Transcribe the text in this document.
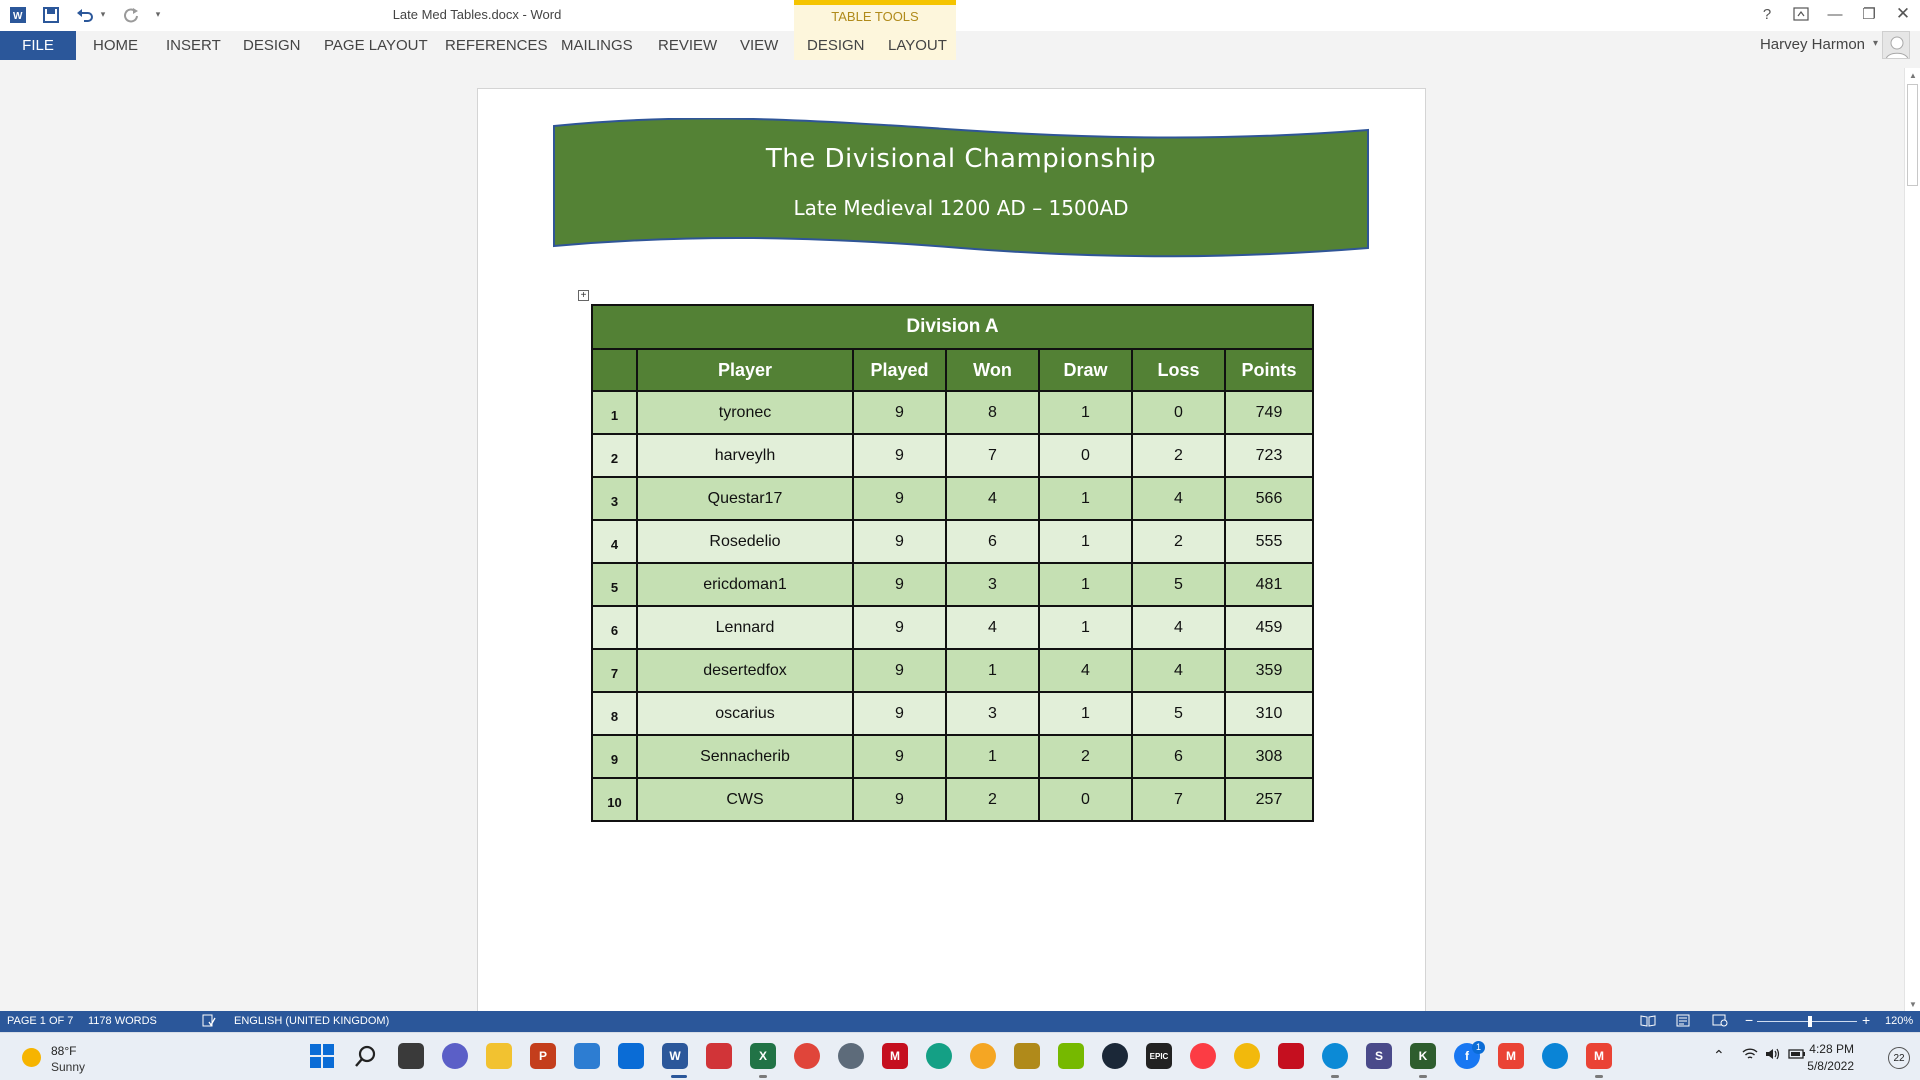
W	▾	▾	Late Med Tables.docx - Word	?	—	❐	✕
TABLE TOOLS
FILE	HOME INSERT DESIGN PAGE LAYOUT REFERENCES MAILINGS REVIEW VIEW DESIGN LAYOUT	Harvey Harmon ▾
The Divisional Championship
Late Medieval 1200 AD – 1500AD
+
Division A						
	Player	Played	Won	Draw	Loss	Points
1	tyronec	9	8	1	0	749
2	harveylh	9	7	0	2	723
3	Questar17	9	4	1	4	566
4	Rosedelio	9	6	1	2	555
5	ericdoman1	9	3	1	5	481
6	Lennard	9	4	1	4	459
7	desertedfox	9	1	4	4	359
8	oscarius	9	3	1	5	310
9	Sennacherib	9	1	2	6	308
10	CWS	9	2	0	7	257
▲
▼
PAGE 1 OF 7 1178 WORDS	ENGLISH (UNITED KINGDOM)	−	+ 120%
88°F
Sunny
P	W	X	M	EPIC	S	K	f
1
M	M	⌃	4:28 PM
5/8/2022
22
